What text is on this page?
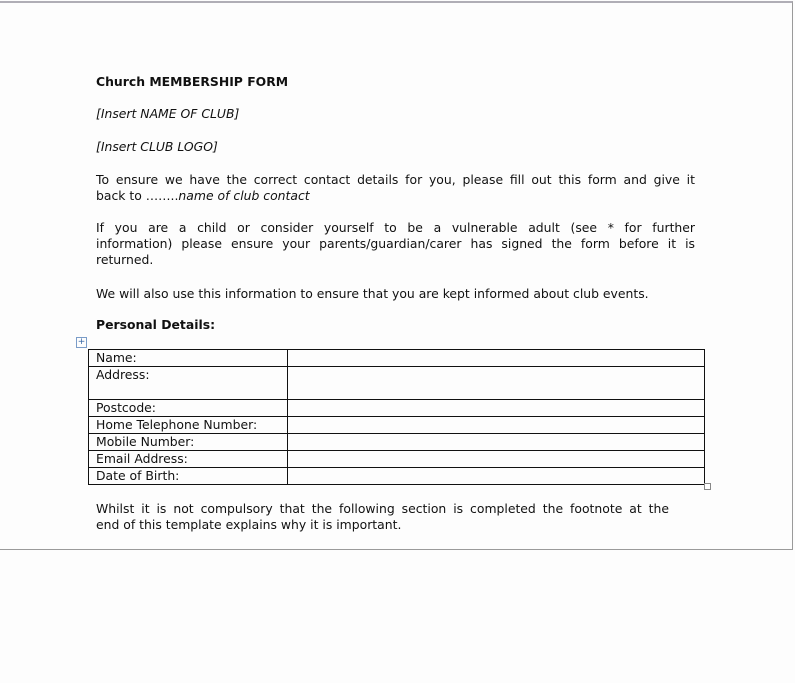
Church MEMBERSHIP FORM
[Insert NAME OF CLUB]
[Insert CLUB LOGO]
To ensure we have the correct contact details for you, please fill out this form and give it
back to ……..name of club contact
If you are a child or consider yourself to be a vulnerable adult (see * for further
information) please ensure your parents/guardian/carer has signed the form before it is
returned.
We will also use this information to ensure that you are kept informed about club events.
Personal Details:
+
Name:	
Address:	
Postcode:	
Home Telephone Number:	
Mobile Number:	
Email Address:	
Date of Birth:	
Whilst it is not compulsory that the following section is completed the footnote at the
end of this template explains why it is important.
